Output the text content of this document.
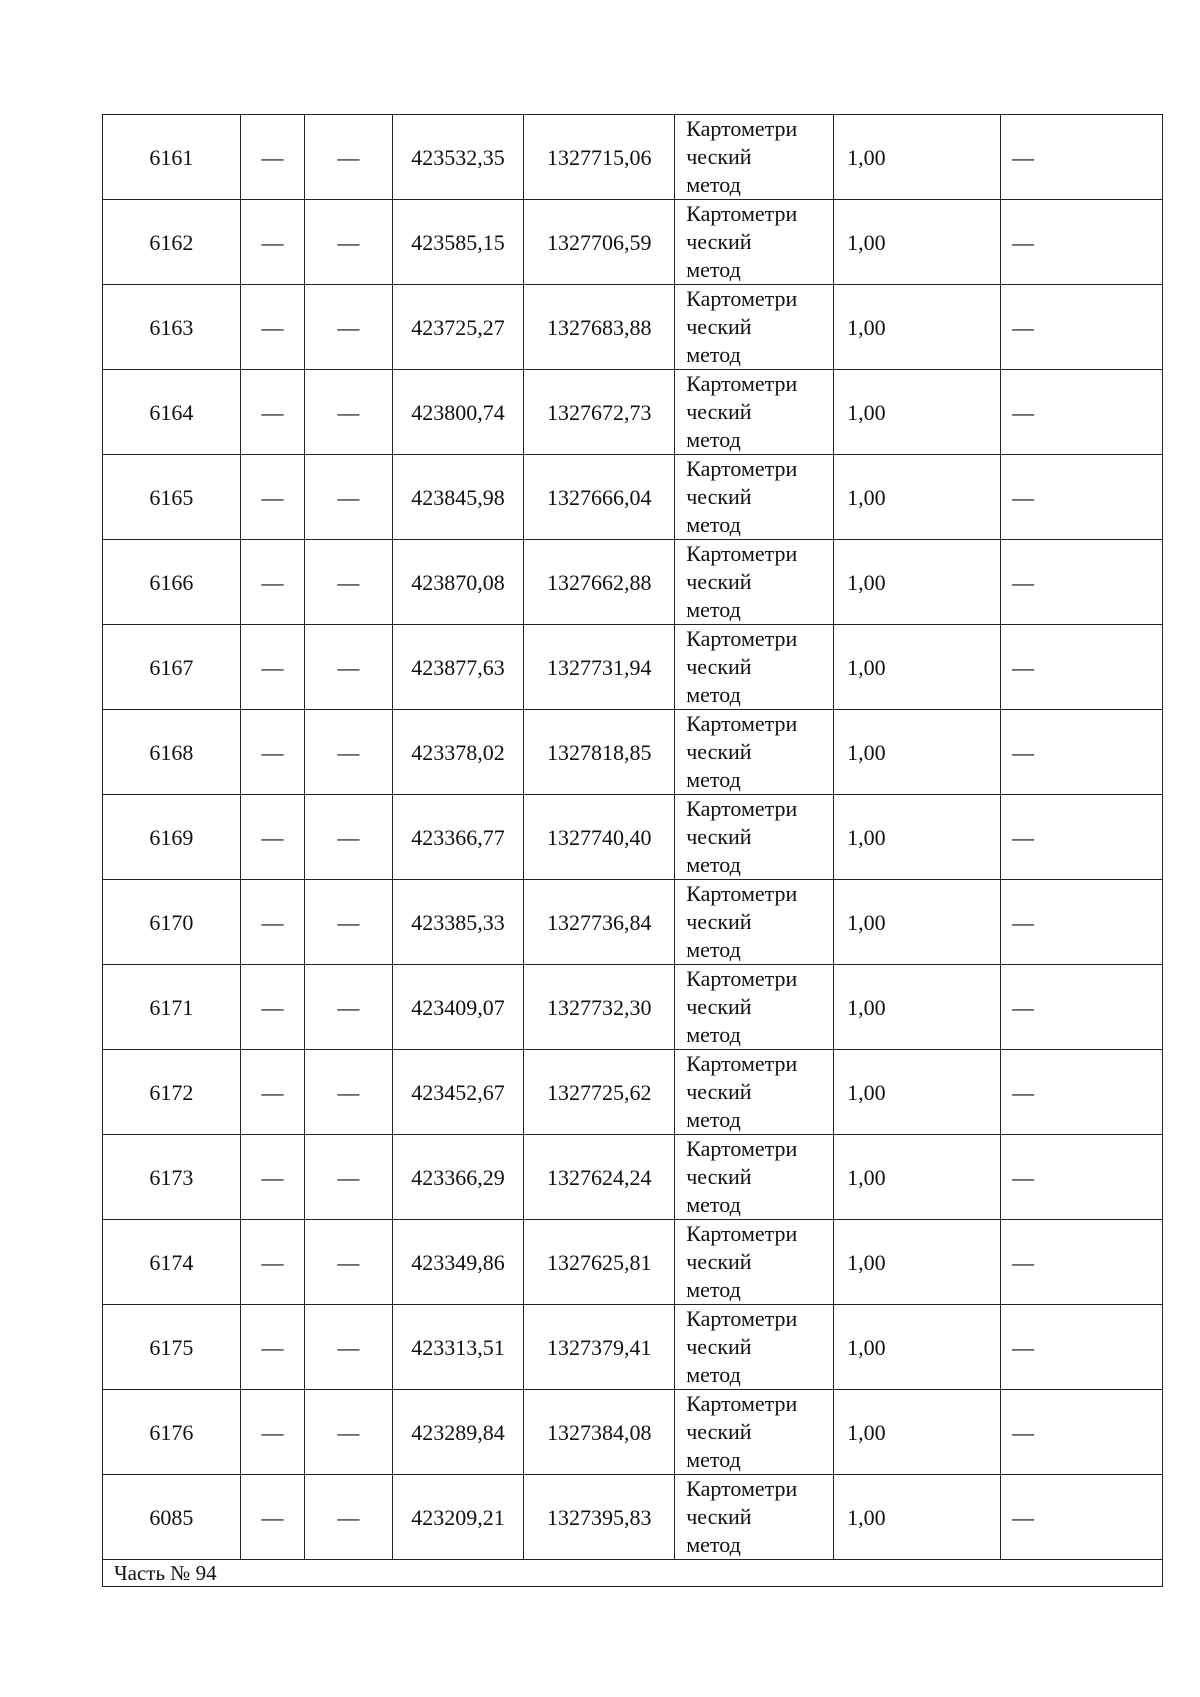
6161	—	—	423532,35	1327715,06	Картометри
ческий
метод	1,00	—
6162	—	—	423585,15	1327706,59	Картометри
ческий
метод	1,00	—
6163	—	—	423725,27	1327683,88	Картометри
ческий
метод	1,00	—
6164	—	—	423800,74	1327672,73	Картометри
ческий
метод	1,00	—
6165	—	—	423845,98	1327666,04	Картометри
ческий
метод	1,00	—
6166	—	—	423870,08	1327662,88	Картометри
ческий
метод	1,00	—
6167	—	—	423877,63	1327731,94	Картометри
ческий
метод	1,00	—
6168	—	—	423378,02	1327818,85	Картометри
ческий
метод	1,00	—
6169	—	—	423366,77	1327740,40	Картометри
ческий
метод	1,00	—
6170	—	—	423385,33	1327736,84	Картометри
ческий
метод	1,00	—
6171	—	—	423409,07	1327732,30	Картометри
ческий
метод	1,00	—
6172	—	—	423452,67	1327725,62	Картометри
ческий
метод	1,00	—
6173	—	—	423366,29	1327624,24	Картометри
ческий
метод	1,00	—
6174	—	—	423349,86	1327625,81	Картометри
ческий
метод	1,00	—
6175	—	—	423313,51	1327379,41	Картометри
ческий
метод	1,00	—
6176	—	—	423289,84	1327384,08	Картометри
ческий
метод	1,00	—
6085	—	—	423209,21	1327395,83	Картометри
ческий
метод	1,00	—
Часть № 94							
